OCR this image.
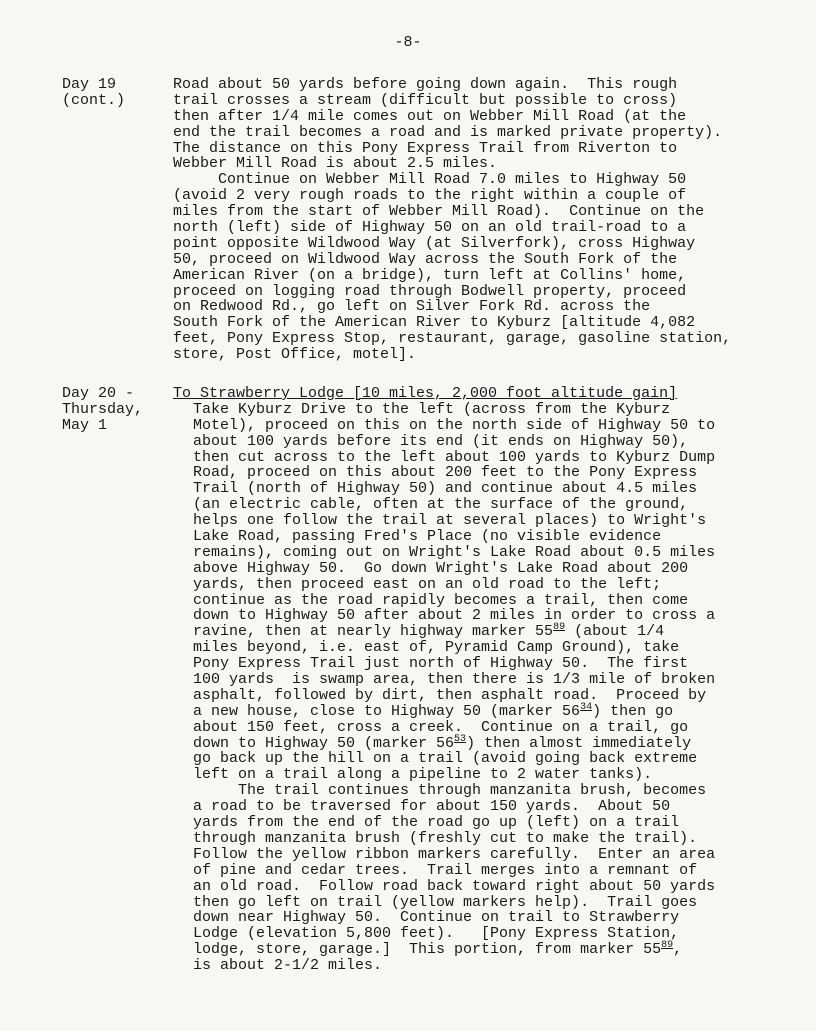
-8-
Day 19
(cont.)
Road about 50 yards before going down again.  This rough
trail crosses a stream (difficult but possible to cross)
then after 1/4 mile comes out on Webber Mill Road (at the
end the trail becomes a road and is marked private property).
The distance on this Pony Express Trail from Riverton to
Webber Mill Road is about 2.5 miles.
Continue on Webber Mill Road 7.0 miles to Highway 50
(avoid 2 very rough roads to the right within a couple of
miles from the start of Webber Mill Road).  Continue on the
north (left) side of Highway 50 on an old trail-road to a
point opposite Wildwood Way (at Silverfork), cross Highway
50, proceed on Wildwood Way across the South Fork of the
American River (on a bridge), turn left at Collins' home,
proceed on logging road through Bodwell property, proceed
on Redwood Rd., go left on Silver Fork Rd. across the
South Fork of the American River to Kyburz [altitude 4,082
feet, Pony Express Stop, restaurant, garage, gasoline station,
store, Post Office, motel].
Day 20 -
Thursday,
May 1
To Strawberry Lodge [10 miles, 2,000 foot altitude gain]
Take Kyburz Drive to the left (across from the Kyburz
Motel), proceed on this on the north side of Highway 50 to
about 100 yards before its end (it ends on Highway 50),
then cut across to the left about 100 yards to Kyburz Dump
Road, proceed on this about 200 feet to the Pony Express
Trail (north of Highway 50) and continue about 4.5 miles
(an electric cable, often at the surface of the ground,
helps one follow the trail at several places) to Wright's
Lake Road, passing Fred's Place (no visible evidence
remains), coming out on Wright's Lake Road about 0.5 miles
above Highway 50.  Go down Wright's Lake Road about 200
yards, then proceed east on an old road to the left;
continue as the road rapidly becomes a trail, then come
down to Highway 50 after about 2 miles in order to cross a
ravine, then at nearly highway marker $55^{89}$ (about 1/4
miles beyond, i.e. east of, Pyramid Camp Ground), take
Pony Express Trail just north of Highway 50.  The first
100 yards  is swamp area, then there is 1/3 mile of broken
asphalt, followed by dirt, then asphalt road.  Proceed by
a new house, close to Highway 50 (marker $56^{34}$) then go
about 150 feet, cross a creek.  Continue on a trail, go
down to Highway 50 (marker $56^{53}$) then almost immediately
go back up the hill on a trail (avoid going back extreme
left on a trail along a pipeline to 2 water tanks).
The trail continues through manzanita brush, becomes
a road to be traversed for about 150 yards.  About 50
yards from the end of the road go up (left) on a trail
through manzanita brush (freshly cut to make the trail).
Follow the yellow ribbon markers carefully.  Enter an area
of pine and cedar trees.  Trail merges into a remnant of
an old road.  Follow road back toward right about 50 yards
then go left on trail (yellow markers help).  Trail goes
down near Highway 50.  Continue on trail to Strawberry
Lodge (elevation 5,800 feet).   [Pony Express Station,
lodge, store, garage.]  This portion, from marker $55^{89}$,
is about 2-1/2 miles.
